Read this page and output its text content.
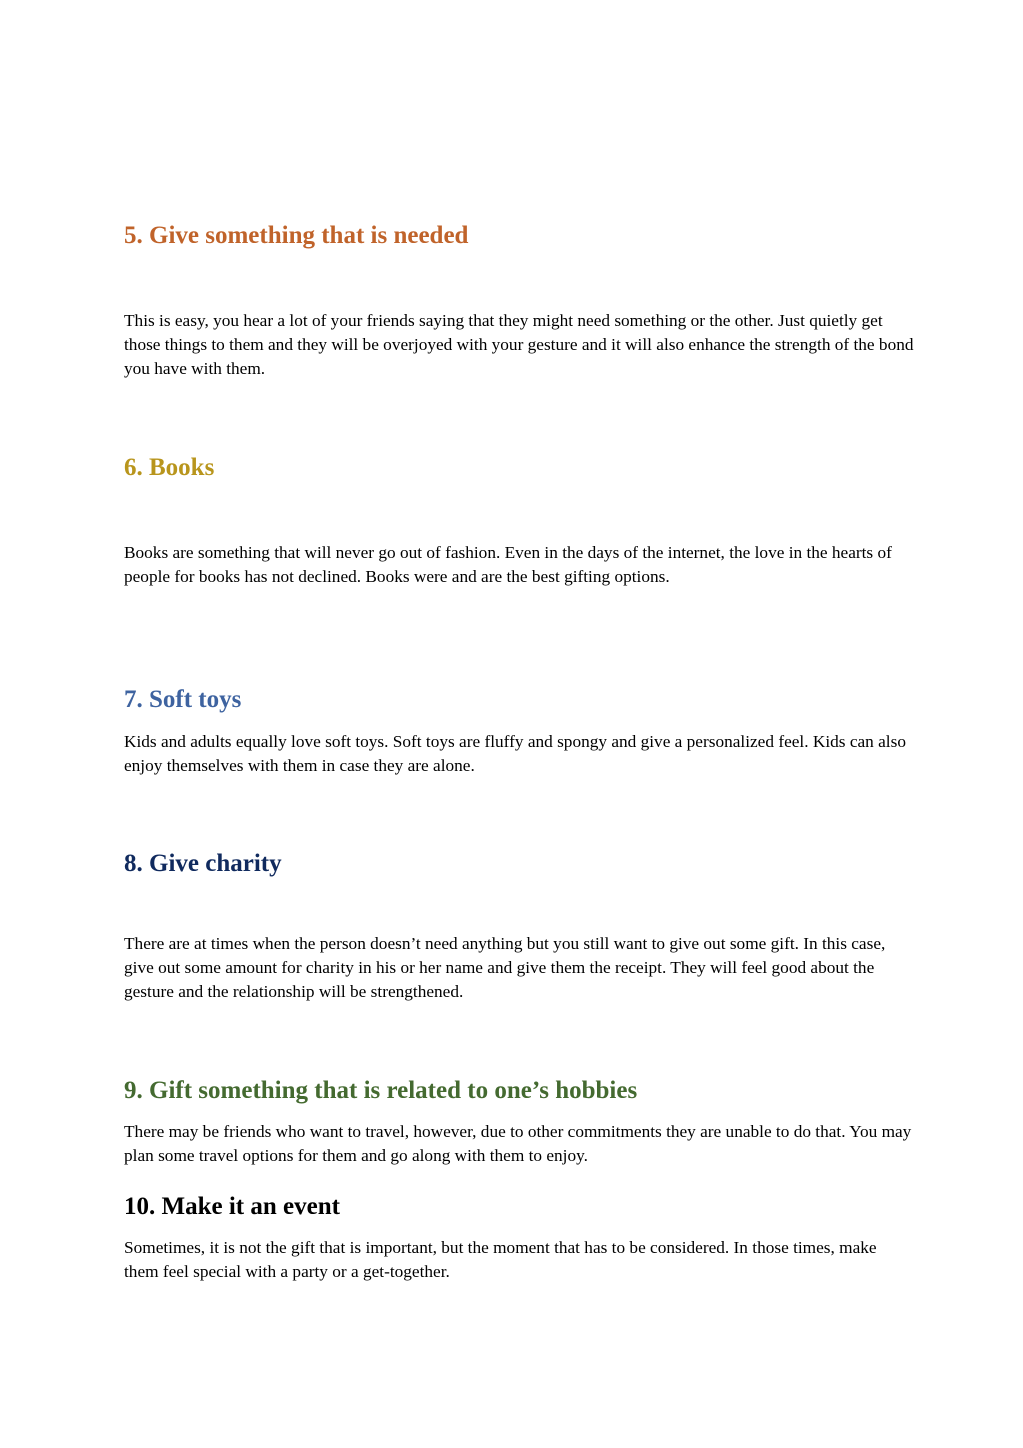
5. Give something that is needed

This is easy, you hear a lot of your friends saying that they might need something or the other. Just quietly get those things to them and they will be overjoyed with your gesture and it will also enhance the strength of the bond you have with them.

6. Books

Books are something that will never go out of fashion. Even in the days of the internet, the love in the hearts of people for books has not declined. Books were and are the best gifting options.

7. Soft toys

Kids and adults equally love soft toys. Soft toys are fluffy and spongy and give a personalized feel. Kids can also enjoy themselves with them in case they are alone.

8. Give charity

There are at times when the person doesn’t need anything but you still want to give out some gift. In this case, give out some amount for charity in his or her name and give them the receipt. They will feel good about the gesture and the relationship will be strengthened.

9. Gift something that is related to one’s hobbies

There may be friends who want to travel, however, due to other commitments they are unable to do that. You may plan some travel options for them and go along with them to enjoy.

10. Make it an event

Sometimes, it is not the gift that is important, but the moment that has to be considered. In those times, make them feel special with a party or a get-together.
